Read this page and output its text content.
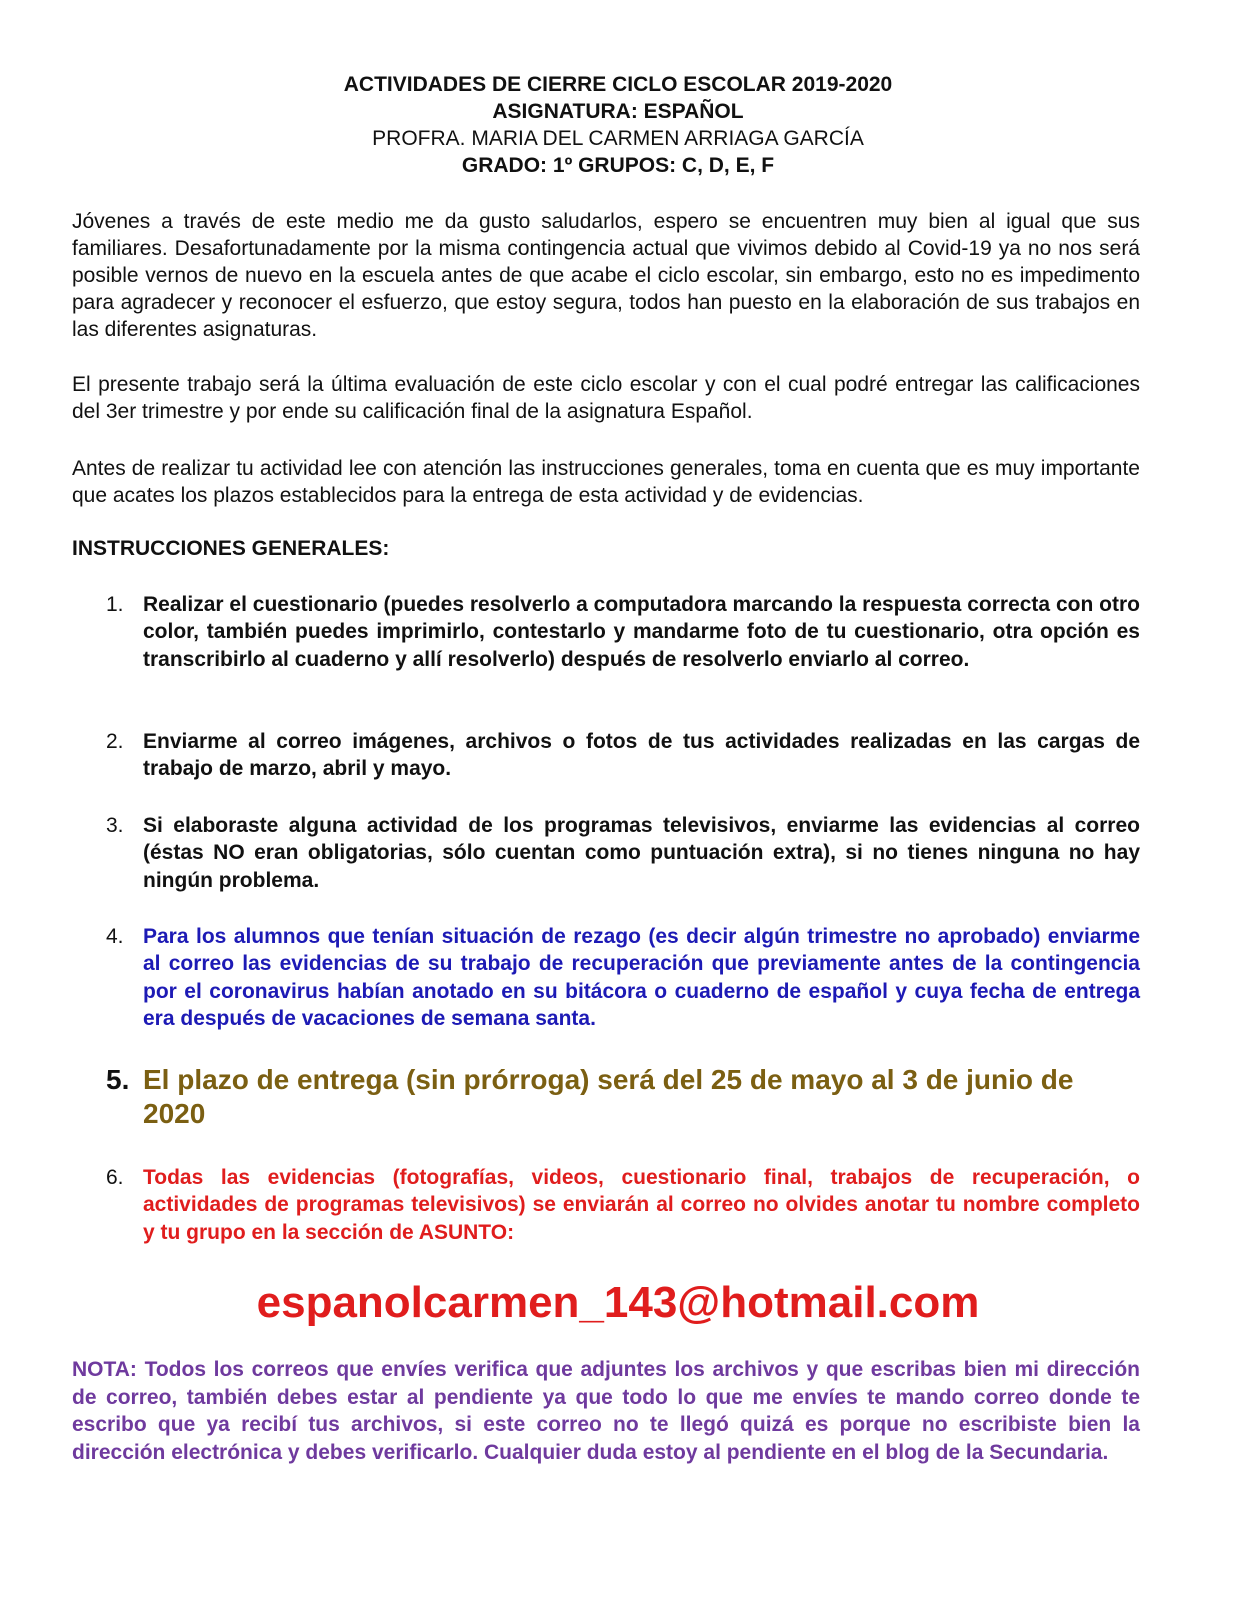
ACTIVIDADES DE CIERRE CICLO ESCOLAR 2019-2020
ASIGNATURA: ESPAÑOL
PROFRA. MARIA DEL CARMEN ARRIAGA GARCÍA
GRADO: 1º GRUPOS: C, D, E, F

Jóvenes a través de este medio me da gusto saludarlos, espero se encuentren muy bien al igual que sus familiares. Desafortunadamente por la misma contingencia actual que vivimos debido al Covid-19 ya no nos será posible vernos de nuevo en la escuela antes de que acabe el ciclo escolar, sin embargo, esto no es impedimento para agradecer y reconocer el esfuerzo, que estoy segura, todos han puesto en la elaboración de sus trabajos en las diferentes asignaturas.

El presente trabajo será la última evaluación de este ciclo escolar y con el cual podré entregar las calificaciones del 3er trimestre y por ende su calificación final de la asignatura Español.

Antes de realizar tu actividad lee con atención las instrucciones generales, toma en cuenta que es muy importante que acates los plazos establecidos para la entrega de esta actividad y de evidencias.

INSTRUCCIONES GENERALES:
1. Realizar el cuestionario (puedes resolverlo a computadora marcando la respuesta correcta con otro color, también puedes imprimirlo, contestarlo y mandarme foto de tu cuestionario, otra opción es transcribirlo al cuaderno y allí resolverlo) después de resolverlo enviarlo al correo.
2. Enviarme al correo imágenes, archivos o fotos de tus actividades realizadas en las cargas de trabajo de marzo, abril y mayo.
3. Si elaboraste alguna actividad de los programas televisivos, enviarme las evidencias al correo (éstas NO eran obligatorias, sólo cuentan como puntuación extra), si no tienes ninguna no hay ningún problema.
4. Para los alumnos que tenían situación de rezago (es decir algún trimestre no aprobado) enviarme al correo las evidencias de su trabajo de recuperación que previamente antes de la contingencia por el coronavirus habían anotado en su bitácora o cuaderno de español y cuya fecha de entrega era después de vacaciones de semana santa.
5. El plazo de entrega (sin prórroga) será del 25 de mayo al 3 de junio de 2020
6. Todas las evidencias (fotografías, videos, cuestionario final, trabajos de recuperación, o actividades de programas televisivos) se enviarán al correo no olvides anotar tu nombre completo y tu grupo en la sección de ASUNTO:
espanolcarmen_143@hotmail.com
NOTA: Todos los correos que envíes verifica que adjuntes los archivos y que escribas bien mi dirección de correo, también debes estar al pendiente ya que todo lo que me envíes te mando correo donde te escribo que ya recibí tus archivos, si este correo no te llegó quizá es porque no escribiste bien la dirección electrónica y debes verificarlo. Cualquier duda estoy al pendiente en el blog de la Secundaria.
